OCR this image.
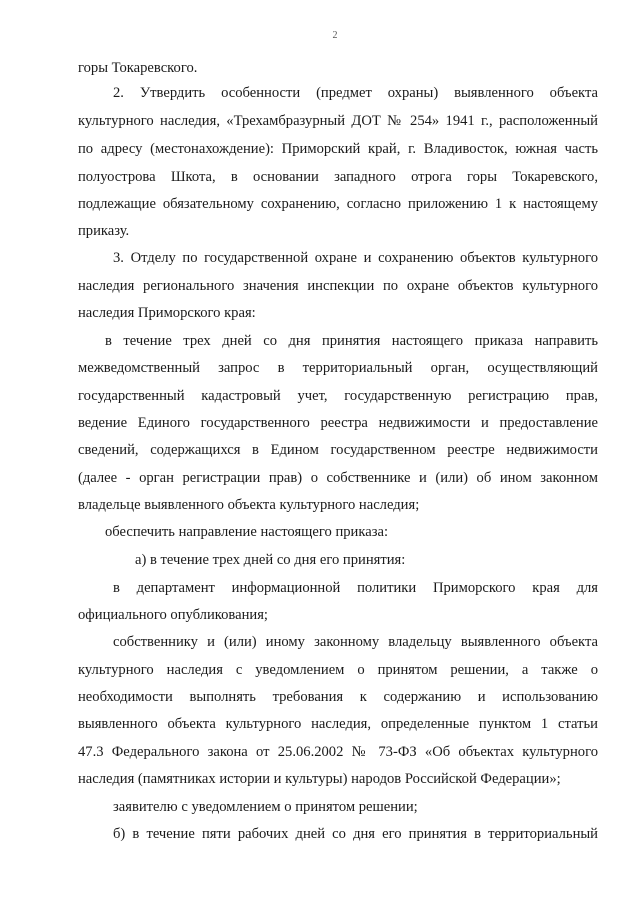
2
горы Токаревского.
2. Утвердить особенности (предмет охраны) выявленного объекта
культурного наследия, «Трехамбразурный ДОТ № 254» 1941 г., расположенный
по адресу (местонахождение): Приморский край, г. Владивосток, южная часть
полуострова Шкота, в основании западного отрога горы Токаревского,
подлежащие обязательному сохранению, согласно приложению 1 к настоящему
приказу.
3. Отделу по государственной охране и сохранению объектов культурного
наследия регионального значения инспекции по охране объектов культурного
наследия Приморского края:
в течение трех дней со дня принятия настоящего приказа направить
межведомственный запрос в территориальный орган, осуществляющий
государственный кадастровый учет, государственную регистрацию прав,
ведение Единого государственного реестра недвижимости и предоставление
сведений, содержащихся в Едином государственном реестре недвижимости
(далее - орган регистрации прав) о собственнике и (или) об ином законном
владельце выявленного объекта культурного наследия;
обеспечить направление настоящего приказа:
а) в течение трех дней со дня его принятия:
в департамент информационной политики Приморского края для
официального опубликования;
собственнику и (или) иному законному владельцу выявленного объекта
культурного наследия с уведомлением о принятом решении, а также о
необходимости выполнять требования к содержанию и использованию
выявленного объекта культурного наследия, определенные пунктом 1 статьи
47.3 Федерального закона от 25.06.2002 № 73-ФЗ «Об объектах культурного
наследия (памятниках истории и культуры) народов Российской Федерации»;
заявителю с уведомлением о принятом решении;
б) в течение пяти рабочих дней со дня его принятия в территориальный
